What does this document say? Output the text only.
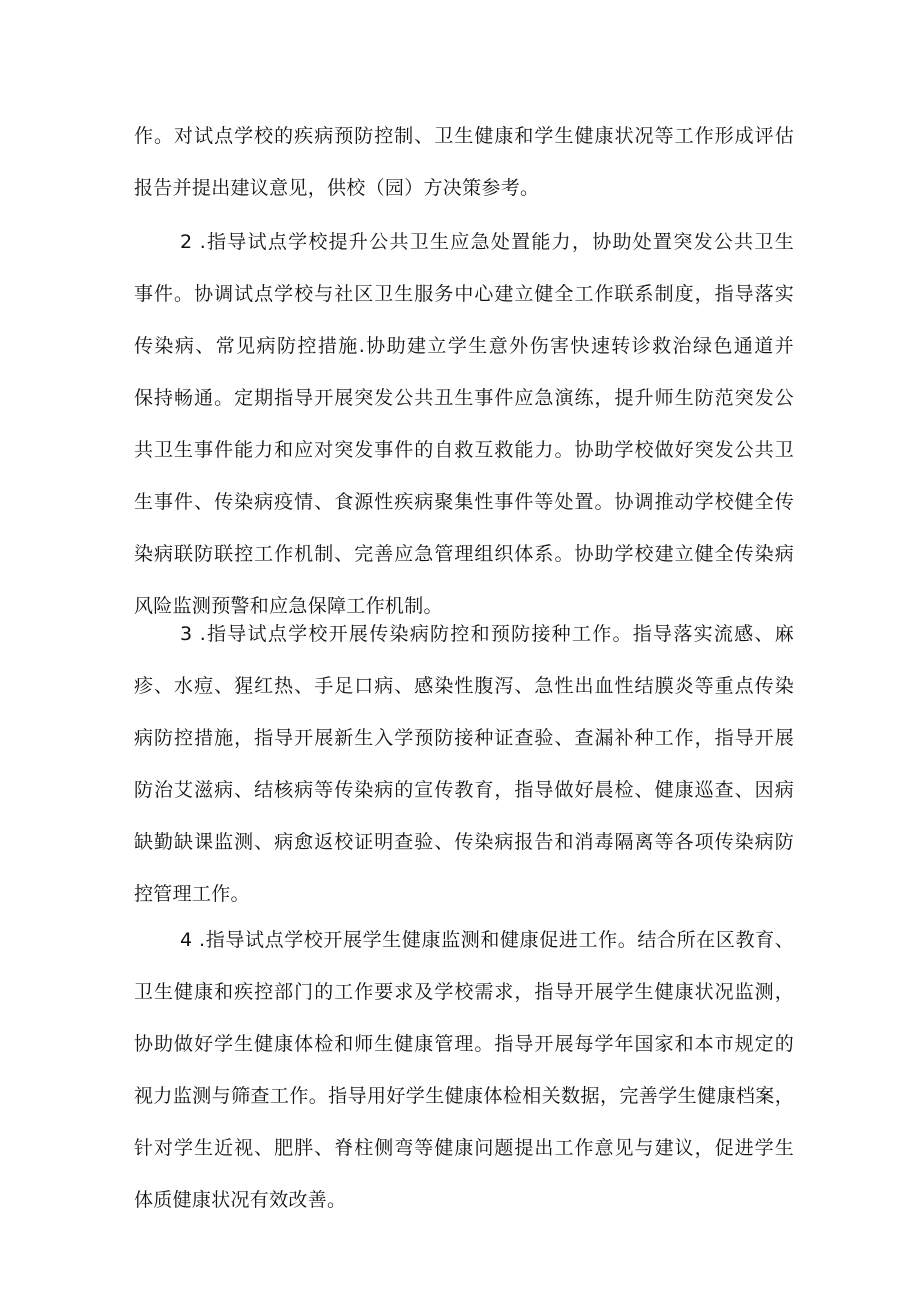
作。对试点学校的疾病预防控制、卫生健康和学生健康状况等工作形成评估
报告并提出建议意见，供校（园）方决策参考。
2 .指导试点学校提升公共卫生应急处置能力，协助处置突发公共卫生
事件。协调试点学校与社区卫生服务中心建立健全工作联系制度，指导落实
传染病、常见病防控措施.协助建立学生意外伤害快速转诊救治绿色通道并
保持畅通。定期指导开展突发公共丑生事件应急演练，提升师生防范突发公
共卫生事件能力和应对突发事件的自救互救能力。协助学校做好突发公共卫
生事件、传染病疫情、食源性疾病聚集性事件等处置。协调推动学校健全传
染病联防联控工作机制、完善应急管理组织体系。协助学校建立健全传染病
风险监测预警和应急保障工作机制。
3 .指导试点学校开展传染病防控和预防接种工作。指导落实流感、麻
疹、水痘、猩红热、手足口病、感染性腹泻、急性出血性结膜炎等重点传染
病防控措施，指导开展新生入学预防接种证查验、查漏补种工作，指导开展
防治艾滋病、结核病等传染病的宣传教育，指导做好晨检、健康巡查、因病
缺勤缺课监测、病愈返校证明查验、传染病报告和消毒隔离等各项传染病防
控管理工作。
4 .指导试点学校开展学生健康监测和健康促进工作。结合所在区教育、
卫生健康和疾控部门的工作要求及学校需求，指导开展学生健康状况监测，
协助做好学生健康体检和师生健康管理。指导开展每学年国家和本市规定的
视力监测与筛查工作。指导用好学生健康体检相关数据，完善学生健康档案，
针对学生近视、肥胖、脊柱侧弯等健康问题提出工作意见与建议，促进学生
体质健康状况有效改善。
